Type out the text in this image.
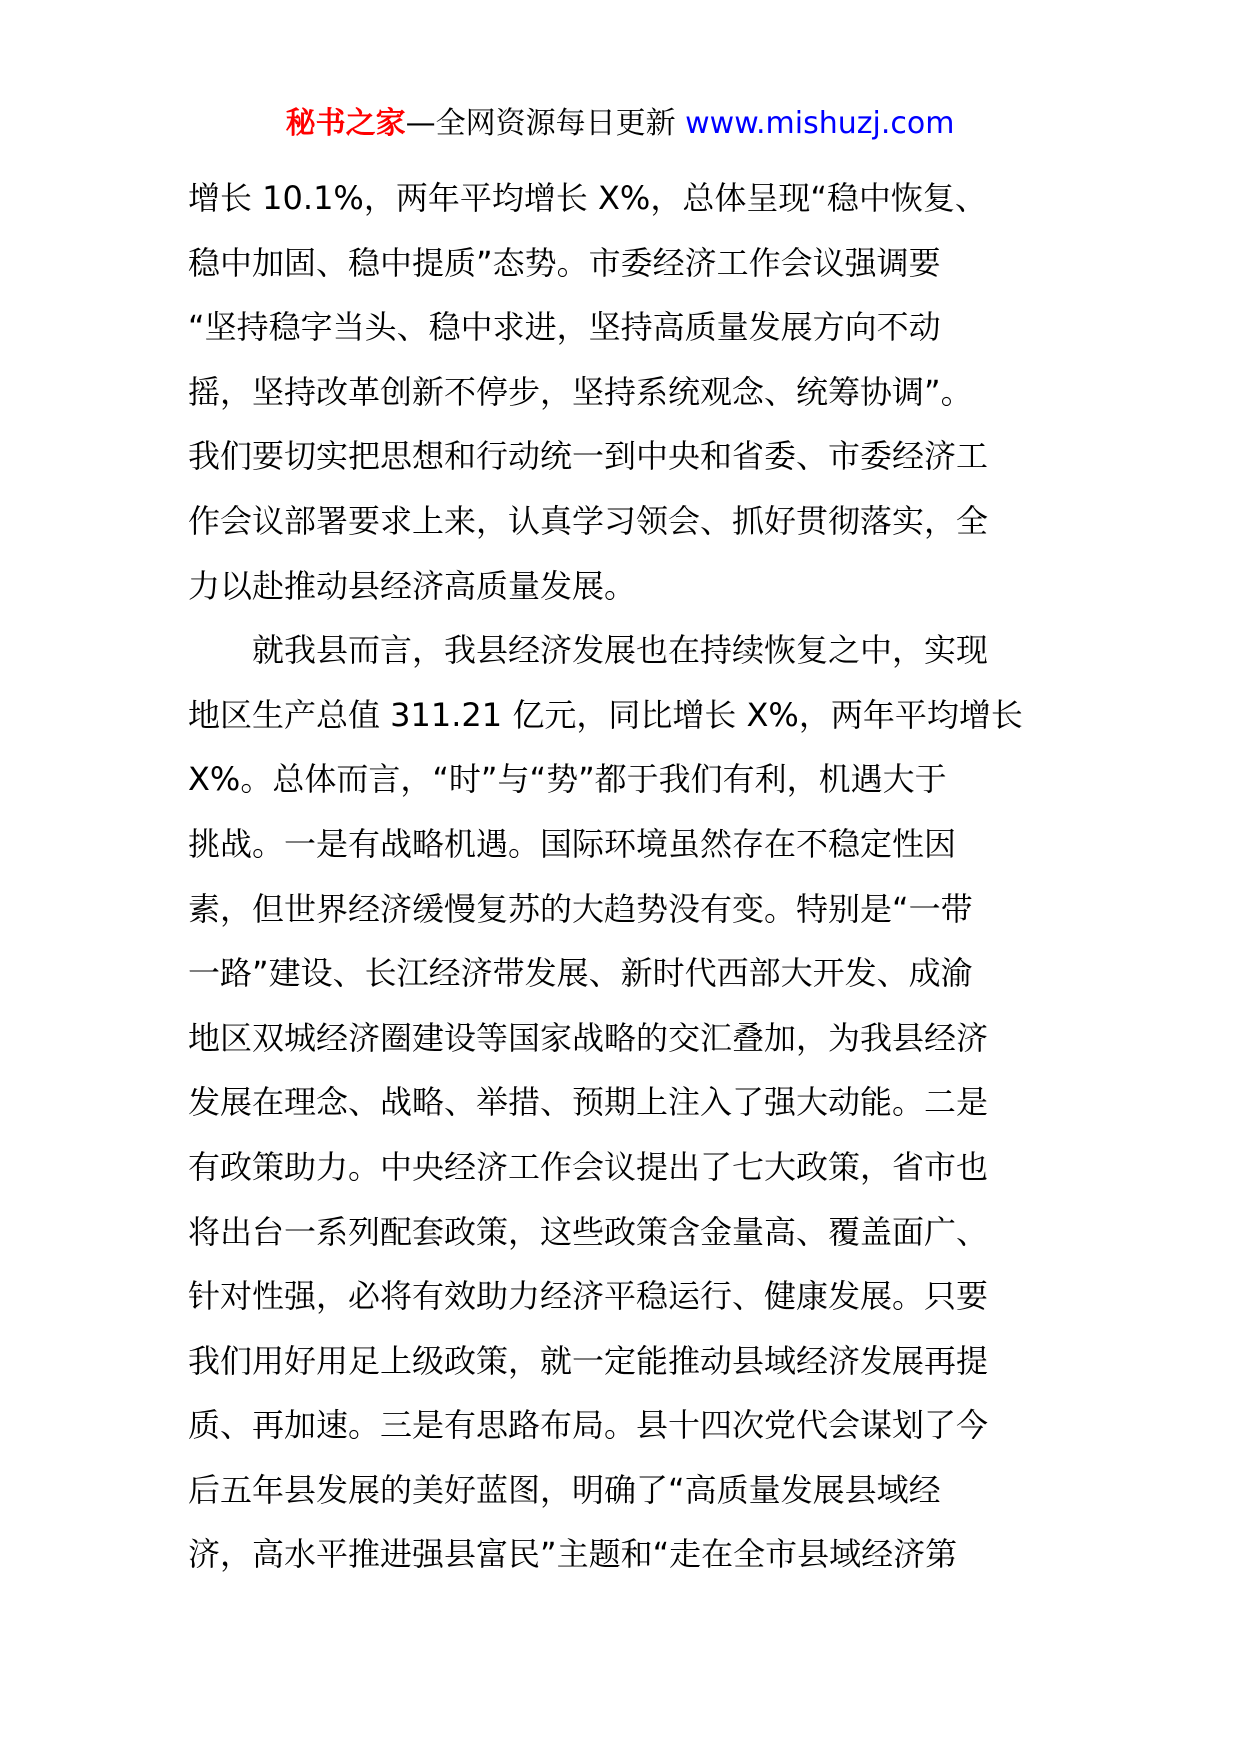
秘书之家—全网资源每日更新 www.mishuzj.com
增长 10.1%，两年平均增长 X%，总体呈现“稳中恢复、
稳中加固、稳中提质”态势。市委经济工作会议强调要
“坚持稳字当头、稳中求进，坚持高质量发展方向不动
摇，坚持改革创新不停步，坚持系统观念、统筹协调”。
我们要切实把思想和行动统一到中央和省委、市委经济工
作会议部署要求上来，认真学习领会、抓好贯彻落实，全
力以赴推动县经济高质量发展。
　　就我县而言，我县经济发展也在持续恢复之中，实现
地区生产总值 311.21 亿元，同比增长 X%，两年平均增长
X%。总体而言，“时”与“势”都于我们有利，机遇大于
挑战。一是有战略机遇。国际环境虽然存在不稳定性因
素，但世界经济缓慢复苏的大趋势没有变。特别是“一带
一路”建设、长江经济带发展、新时代西部大开发、成渝
地区双城经济圈建设等国家战略的交汇叠加，为我县经济
发展在理念、战略、举措、预期上注入了强大动能。二是
有政策助力。中央经济工作会议提出了七大政策，省市也
将出台一系列配套政策，这些政策含金量高、覆盖面广、
针对性强，必将有效助力经济平稳运行、健康发展。只要
我们用好用足上级政策，就一定能推动县域经济发展再提
质、再加速。三是有思路布局。县十四次党代会谋划了今
后五年县发展的美好蓝图，明确了“高质量发展县域经
济，高水平推进强县富民”主题和“走在全市县域经济第
